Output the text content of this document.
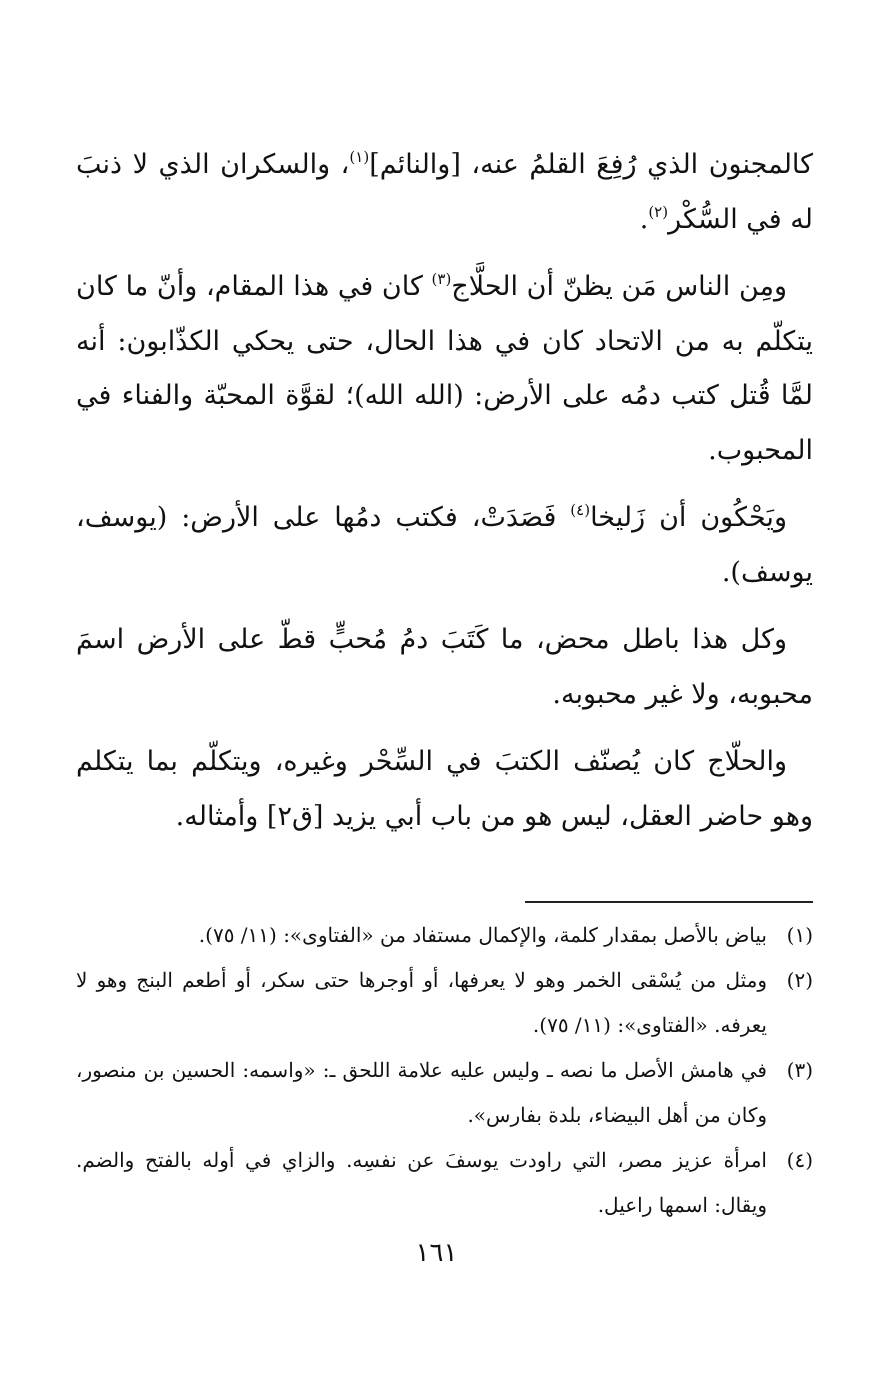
كالمجنون الذي رُفِعَ القلمُ عنه، [والنائم]$^{(١)}$، والسكران الذي لا ذنبَ له في السُّكْر$^{(٢)}$.

ومِن الناس مَن يظنّ أن الحلَّاج$^{(٣)}$ كان في هذا المقام، وأنّ ما كان يتكلّم به من الاتحاد كان في هذا الحال، حتى يحكي الكذّابون: أنه لمَّا قُتل كتب دمُه على الأرض: (الله الله)؛ لقوَّة المحبّة والفناء في المحبوب.

ويَحْكُون أن زَليخا$^{(٤)}$ فَصَدَتْ، فكتب دمُها على الأرض: (يوسف، يوسف).

وكل هذا باطل محض، ما كَتَبَ دمُ مُحبٍّ قطّ على الأرض اسمَ محبوبه، ولا غير محبوبه.

والحلّاج كان يُصنّف الكتبَ في السِّحْر وغيره، ويتكلّم بما يتكلم وهو حاضر العقل، ليس هو من باب أبي يزيد [ق٢] وأمثاله.

(١)
بياض بالأصل بمقدار كلمة، والإكمال مستفاد من «الفتاوى»: (١١/ ٧٥).
(٢)
ومثل من يُسْقى الخمر وهو لا يعرفها، أو أوجرها حتى سكر، أو أطعم البنج وهو لا يعرفه. «الفتاوى»: (١١/ ٧٥).
(٣)
في هامش الأصل ما نصه ـ وليس عليه علامة اللحق ـ: «واسمه: الحسين بن منصور، وكان من أهل البيضاء، بلدة بفارس».
(٤)
امرأة عزيز مصر، التي راودت يوسفَ عن نفسِه. والزاي في أوله بالفتح والضم. ويقال: اسمها راعيل.
١٦١
